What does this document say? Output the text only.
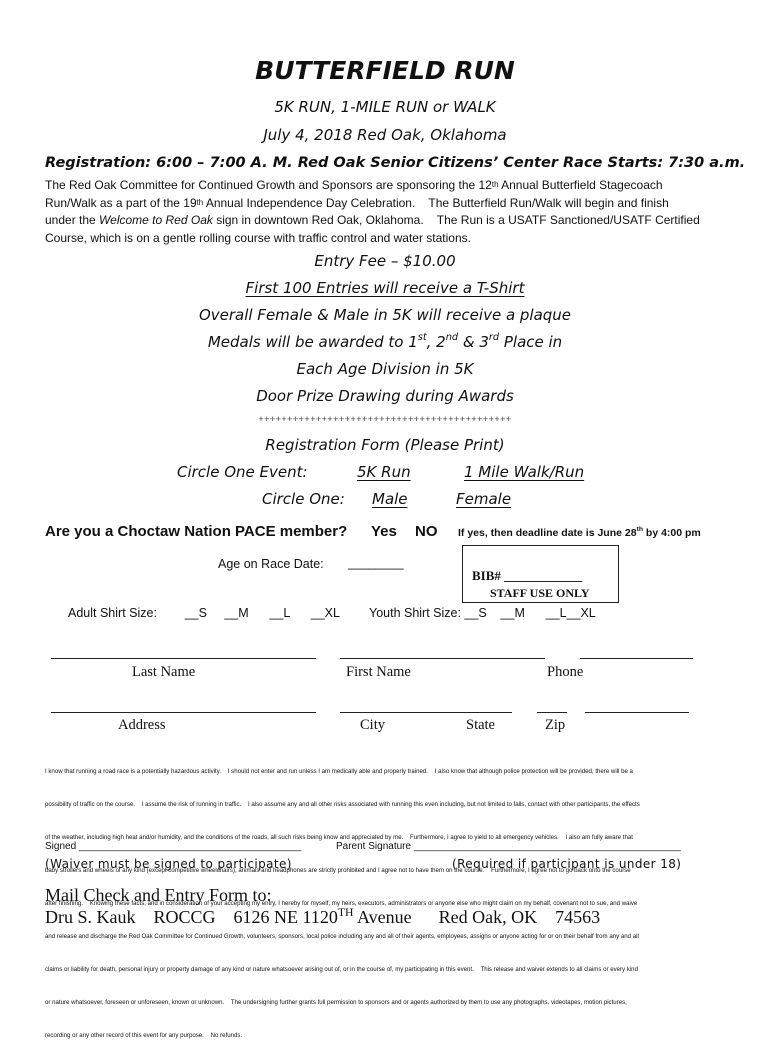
BUTTERFIELD RUN
5K RUN, 1-MILE RUN or WALK
July 4, 2018 Red Oak, Oklahoma
Registration: 6:00 – 7:00 A. M. Red Oak Senior Citizens’ Center Race Starts: 7:30 a.m.
The Red Oak Committee for Continued Growth and Sponsors are sponsoring the 12th Annual Butterfield Stagecoach
Run/Walk as a part of the 19th Annual Independence Day Celebration.    The Butterfield Run/Walk will begin and finish
under the Welcome to Red Oak sign in downtown Red Oak, Oklahoma.    The Run is a USATF Sanctioned/USATF Certified
Course, which is on a gentle rolling course with traffic control and water stations.
Entry Fee – $10.00
First 100 Entries will receive a T-Shirt
Overall Female & Male in 5K will receive a plaque
Medals will be awarded to 1st, 2nd & 3rd Place in
Each Age Division in 5K
Door Prize Drawing during Awards
++++++++++++++++++++++++++++++++++++++++++++
Registration Form (Please Print)
Circle One Event:	5K Run	1 Mile Walk/Run
Circle One: Male	Female
Are you a Choctaw Nation PACE member? Yes NO If yes, then deadline date is June 28th by 4:00 pm
Age on Race Date: ________
BIB# ____________
STAFF USE ONLY
Adult Shirt Size:        __S     __M      __L      __XL Youth Shirt Size: __S    __M      __L__XL
Last Name	First Name	Phone
Address	City	State	Zip

I know that running a road race is a potentially hazardous activity.    I should not enter and run unless I am medically able and properly trained.    I also know that although police protection will be provided, there will be a

possibility of traffic on the course.    I assume the risk of running in traffic.    I also assume any and all other risks associated with running this even including, but not limited to falls, contact with other participants, the effects

of the weather, including high heat and/or humidity, and the conditions of the roads, all such risks being know and appreciated by me.    Furthermore, I agree to yield to all emergency vehicles.    I also am fully aware that

baby strollers and wheels of any kind (except competitive wheelchairs), animals and headphones are strictly prohibited and I agree not to have them on the course.    Furthermore, I agree not to go back onto the course

after finishing.    Knowing these facts, and in consideration of your accepting my entry, I hereby for myself, my heirs, executors, administrators or anyone else who might claim on my behalf, covenant not to sue, and waive

and release and discharge the Red Oak Committee for Continued Growth, volunteers, sponsors, local police including any and all of their agents, employees, assigns or anyone acting for or on their behalf from any and all

claims or liability for death, personal injury or property damage of any kind or nature whatsoever arising out of, or in the course of, my participating in this event.    This release and waiver extends to all claims or every kind

or nature whatsoever, foreseen or unforeseen, known or unknown.    The undersigning further grants full permission to sponsors and or agents authorized by them to use any photographs, videotapes, motion pictures,

recording or any other record of this event for any purpose.    No refunds.

Signed ________________________________________	Parent Signature ________________________________________________
(Waiver must be signed to participate)	(Required if participant is under 18)
Mail Check and Entry Form to:
Dru S. Kauk    ROCCG    6126 NE 1120TH Avenue      Red Oak, OK    74563
